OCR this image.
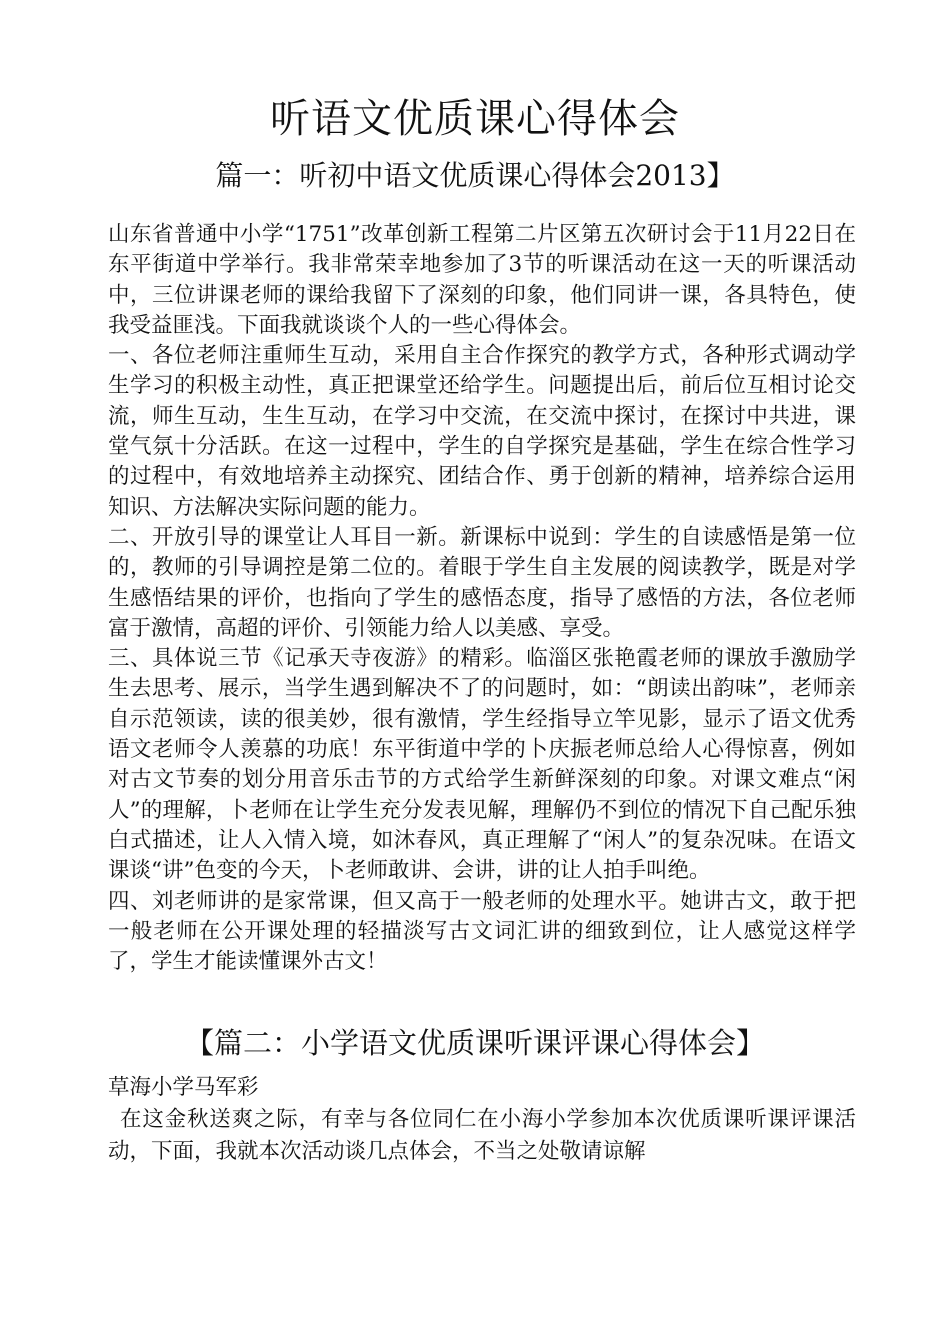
听语文优质课心得体会
篇一：听初中语文优质课心得体会2013】

山东省普通中小学“1751”改革创新工程第二片区第五次研讨会于11月22日在东平街道中学举行。我非常荣幸地参加了3节的听课活动在这一天的听课活动中，三位讲课老师的课给我留下了深刻的印象，他们同讲一课，各具特色，使我受益匪浅。下面我就谈谈个人的一些心得体会。

一、各位老师注重师生互动，采用自主合作探究的教学方式，各种形式调动学生学习的积极主动性，真正把课堂还给学生。问题提出后，前后位互相讨论交流，师生互动，生生互动，在学习中交流，在交流中探讨，在探讨中共进，课堂气氛十分活跃。在这一过程中，学生的自学探究是基础，学生在综合性学习的过程中，有效地培养主动探究、团结合作、勇于创新的精神，培养综合运用知识、方法解决实际问题的能力。

二、开放引导的课堂让人耳目一新。新课标中说到：学生的自读感悟是第一位的，教师的引导调控是第二位的。着眼于学生自主发展的阅读教学，既是对学生感悟结果的评价，也指向了学生的感悟态度，指导了感悟的方法，各位老师富于激情，高超的评价、引领能力给人以美感、享受。

三、具体说三节《记承天寺夜游》的精彩。临淄区张艳霞老师的课放手激励学生去思考、展示，当学生遇到解决不了的问题时，如：“朗读出韵味”，老师亲自示范领读，读的很美妙，很有激情，学生经指导立竿见影，显示了语文优秀语文老师令人羡慕的功底！东平街道中学的卜庆振老师总给人心得惊喜，例如对古文节奏的划分用音乐击节的方式给学生新鲜深刻的印象。对课文难点“闲人”的理解，卜老师在让学生充分发表见解，理解仍不到位的情况下自己配乐独白式描述，让人入情入境，如沐春风，真正理解了“闲人”的复杂况味。在语文课谈“讲”色变的今天，卜老师敢讲、会讲，讲的让人拍手叫绝。

四、刘老师讲的是家常课，但又高于一般老师的处理水平。她讲古文，敢于把一般老师在公开课处理的轻描淡写古文词汇讲的细致到位，让人感觉这样学了，学生才能读懂课外古文！

【篇二：小学语文优质课听课评课心得体会】

草海小学马军彩

在这金秋送爽之际，有幸与各位同仁在小海小学参加本次优质课听课评课活动，下面，我就本次活动谈几点体会，不当之处敬请谅解
